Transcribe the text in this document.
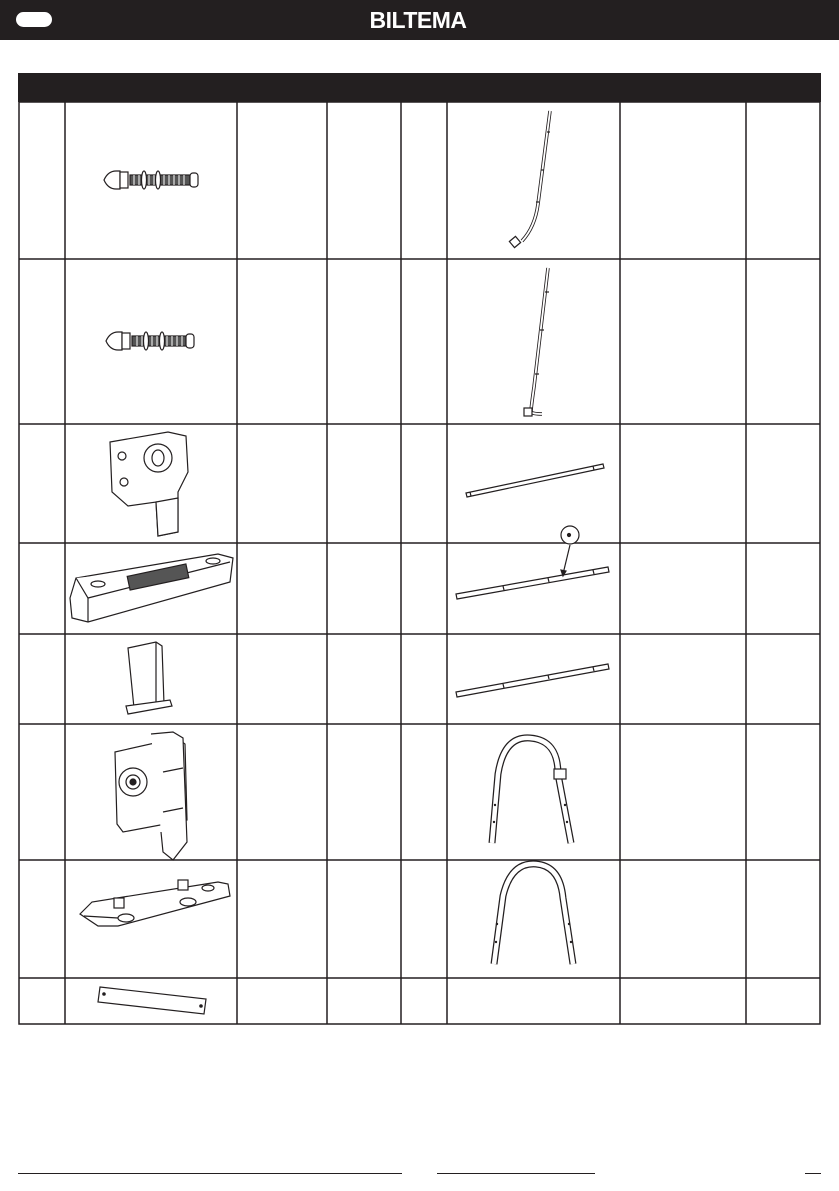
BILTEMA
